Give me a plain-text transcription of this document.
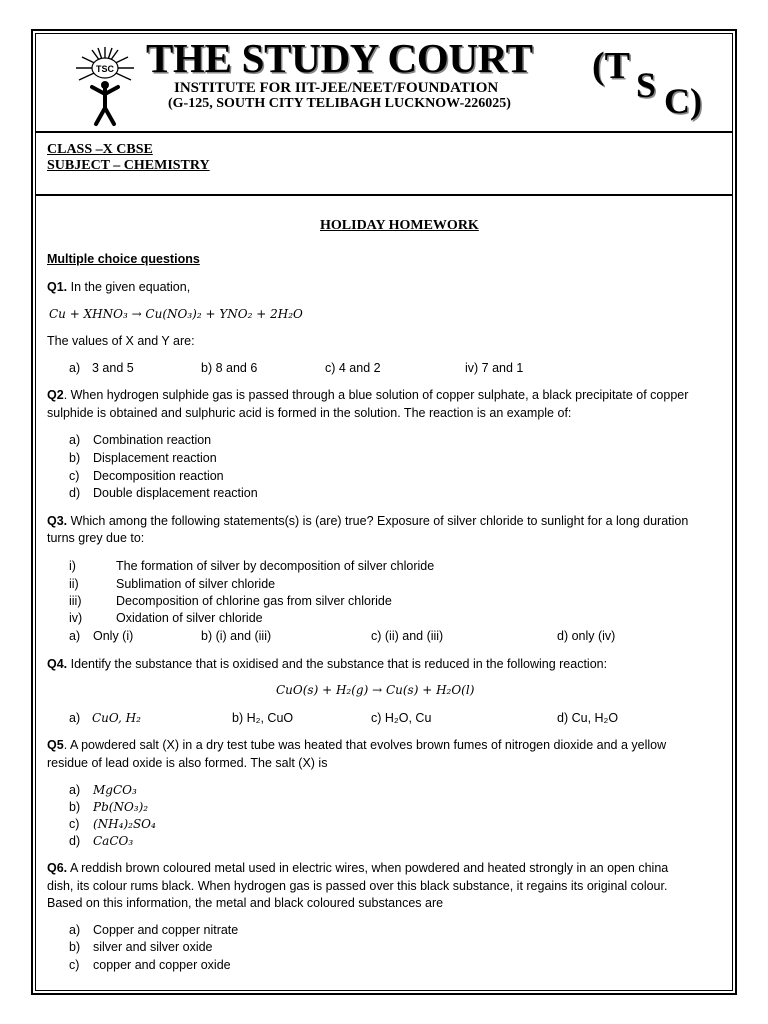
TSC THE STUDY COURT (T S C)
INSTITUTE FOR IIT-JEE/NEET/FOUNDATION
(G-125, SOUTH CITY TELIBAGH LUCKNOW-226025)
CLASS –X CBSE
SUBJECT – CHEMISTRY
HOLIDAY HOMEWORK
Multiple choice questions
Q1. In the given equation,
Cu + XHNO₃ → Cu(NO₃)₂ + YNO₂ + 2H₂O
The values of X and Y are:
a) 3 and 5	b) 8 and 6	c) 4 and 2	iv) 7 and 1
Q2. When hydrogen sulphide gas is passed through a blue solution of copper sulphate, a black precipitate of copper
sulphide is obtained and sulphuric acid is formed in the solution. The reaction is an example of:
a) Combination reaction
b) Displacement reaction
c) Decomposition reaction
d) Double displacement reaction
Q3. Which among the following statements(s) is (are) true? Exposure of silver chloride to sunlight for a long duration
turns grey due to:
i)	The formation of silver by decomposition of silver chloride
ii)	Sublimation of silver chloride
iii)	Decomposition of chlorine gas from silver chloride
iv)	Oxidation of silver chloride
a) Only (i)	b) (i) and (iii)	c) (ii) and (iii)	d) only (iv)
Q4. Identify the substance that is oxidised and the substance that is reduced in the following reaction:
CuO(s) + H₂(g) → Cu(s) + H₂O(l)
a) CuO, H₂	b) H₂, CuO	c) H₂O, Cu	d) Cu, H₂O
Q5. A powdered salt (X) in a dry test tube was heated that evolves brown fumes of nitrogen dioxide and a yellow
residue of lead oxide is also formed. The salt (X) is
a) MgCO₃
b) Pb(NO₃)₂
c) (NH₄)₂SO₄
d) CaCO₃
Q6. A reddish brown coloured metal used in electric wires, when powdered and heated strongly in an open china
dish, its colour rums black. When hydrogen gas is passed over this black substance, it regains its original colour.
Based on this information, the metal and black coloured substances are
a) Copper and copper nitrate
b) silver and silver oxide
c) copper and copper oxide
